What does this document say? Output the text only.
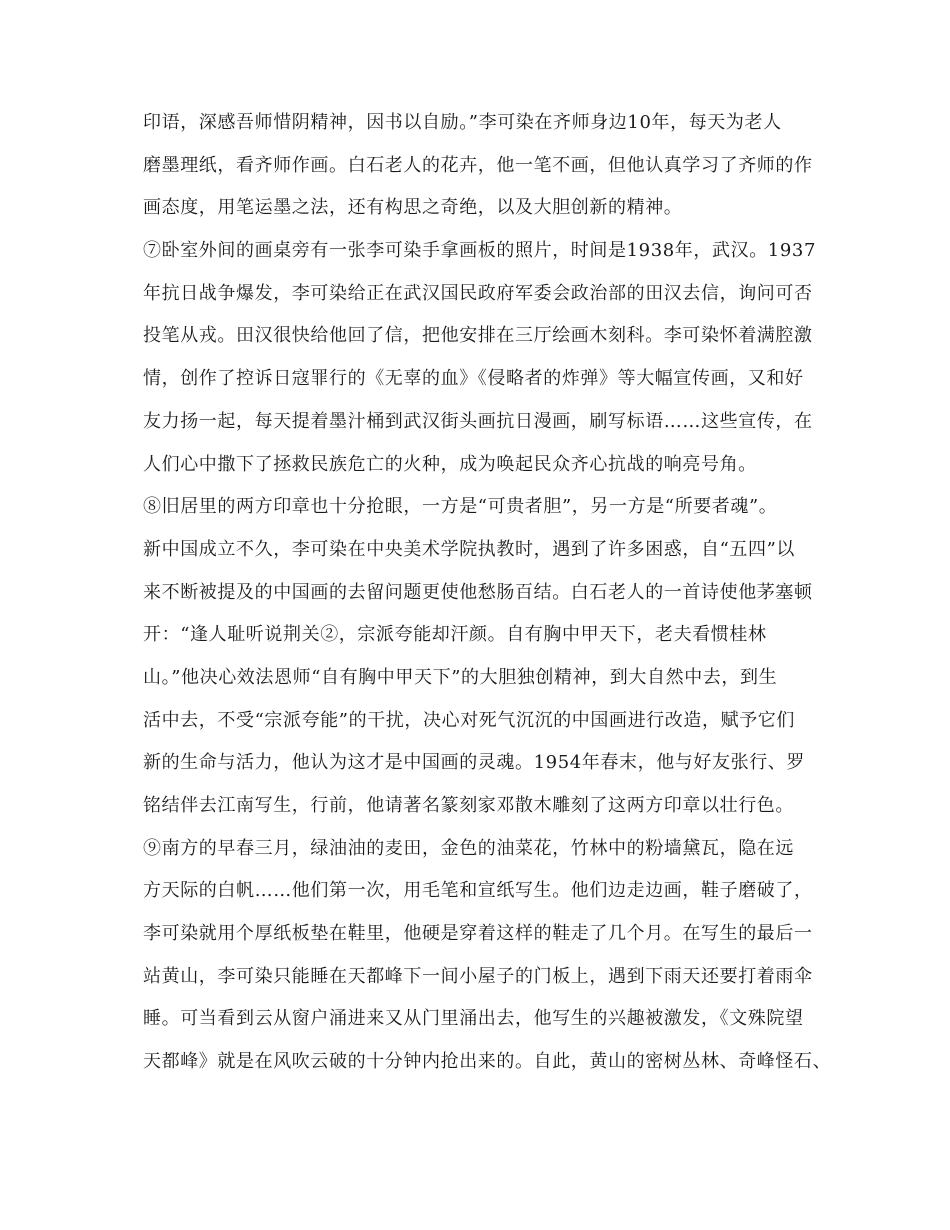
印语，深感吾师惜阴精神，因书以自励。”李可染在齐师身边10年，每天为老人
磨墨理纸，看齐师作画。白石老人的花卉，他一笔不画，但他认真学习了齐师的作
画态度，用笔运墨之法，还有构思之奇绝，以及大胆创新的精神。
⑦卧室外间的画桌旁有一张李可染手拿画板的照片，时间是1938年，武汉。1937
年抗日战争爆发，李可染给正在武汉国民政府军委会政治部的田汉去信，询问可否
投笔从戎。田汉很快给他回了信，把他安排在三厅绘画木刻科。李可染怀着满腔激
情，创作了控诉日寇罪行的《无辜的血》《侵略者的炸弹》等大幅宣传画，又和好
友力扬一起，每天提着墨汁桶到武汉街头画抗日漫画，刷写标语……这些宣传，在
人们心中撒下了拯救民族危亡的火种，成为唤起民众齐心抗战的响亮号角。
⑧旧居里的两方印章也十分抢眼，一方是“可贵者胆”，另一方是“所要者魂”。
新中国成立不久，李可染在中央美术学院执教时，遇到了许多困惑，自“五四”以
来不断被提及的中国画的去留问题更使他愁肠百结。白石老人的一首诗使他茅塞顿
开：“逢人耻听说荆关②，宗派夸能却汗颜。自有胸中甲天下，老夫看惯桂林
山。”他决心效法恩师“自有胸中甲天下”的大胆独创精神，到大自然中去，到生
活中去，不受“宗派夸能”的干扰，决心对死气沉沉的中国画进行改造，赋予它们
新的生命与活力，他认为这才是中国画的灵魂。1954年春末，他与好友张行、罗
铭结伴去江南写生，行前，他请著名篆刻家邓散木雕刻了这两方印章以壮行色。
⑨南方的早春三月，绿油油的麦田，金色的油菜花，竹林中的粉墙黛瓦，隐在远
方天际的白帆……他们第一次，用毛笔和宣纸写生。他们边走边画，鞋子磨破了，
李可染就用个厚纸板垫在鞋里，他硬是穿着这样的鞋走了几个月。在写生的最后一
站黄山，李可染只能睡在天都峰下一间小屋子的门板上，遇到下雨天还要打着雨伞
睡。可当看到云从窗户涌进来又从门里涌出去，他写生的兴趣被激发，《文殊院望
天都峰》就是在风吹云破的十分钟内抢出来的。自此，黄山的密树丛林、奇峰怪石、
